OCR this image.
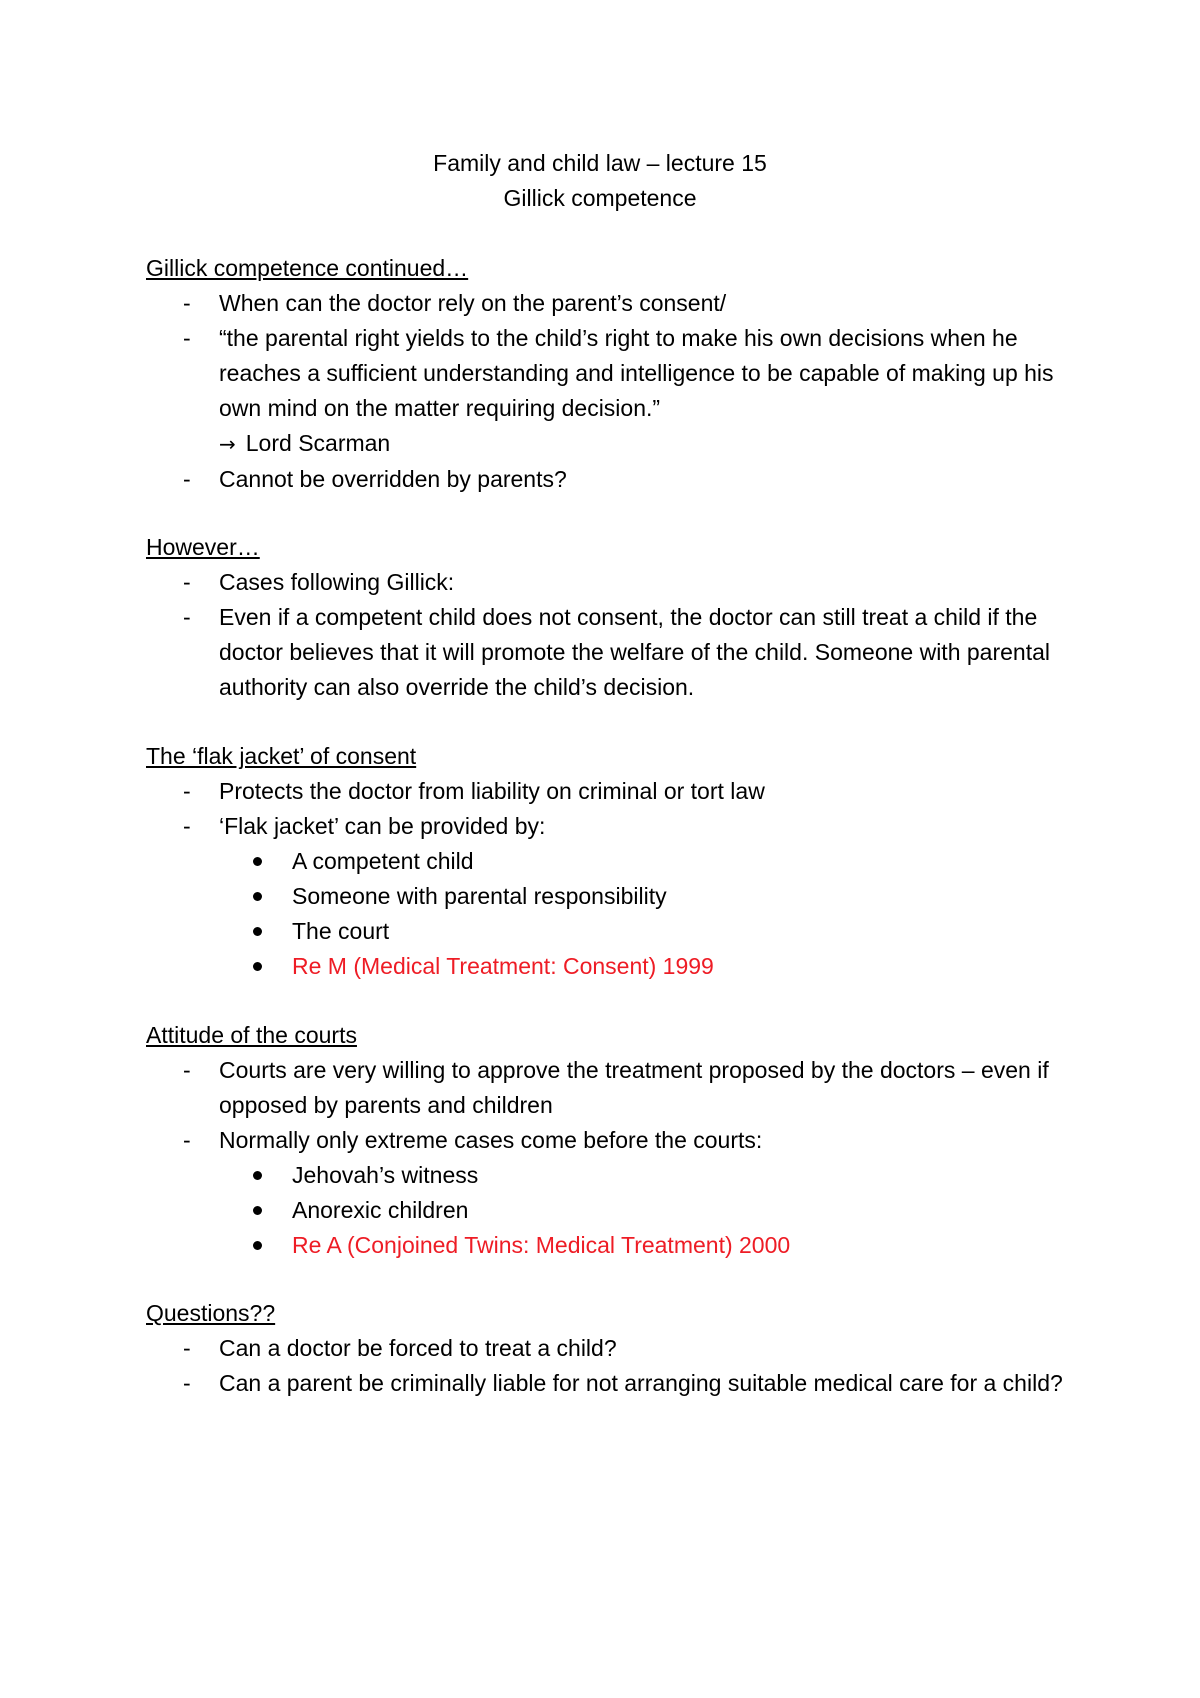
Family and child law – lecture 15
Gillick competence
Gillick competence continued…
- When can the doctor rely on the parent’s consent/
- “the parental right yields to the child’s right to make his own decisions when he reaches a sufficient understanding and intelligence to be capable of making up his own mind on the matter requiring decision.”
→ Lord Scarman
- Cannot be overridden by parents?
However…
- Cases following Gillick:
- Even if a competent child does not consent, the doctor can still treat a child if the doctor believes that it will promote the welfare of the child. Someone with parental authority can also override the child’s decision.
The ‘flak jacket’ of consent
- Protects the doctor from liability on criminal or tort law
- ‘Flak jacket’ can be provided by:
A competent child
Someone with parental responsibility
The court
Re M (Medical Treatment: Consent) 1999
Attitude of the courts
- Courts are very willing to approve the treatment proposed by the doctors – even if opposed by parents and children
- Normally only extreme cases come before the courts:
Jehovah’s witness
Anorexic children
Re A (Conjoined Twins: Medical Treatment) 2000
Questions??
- Can a doctor be forced to treat a child?
- Can a parent be criminally liable for not arranging suitable medical care for a child?
